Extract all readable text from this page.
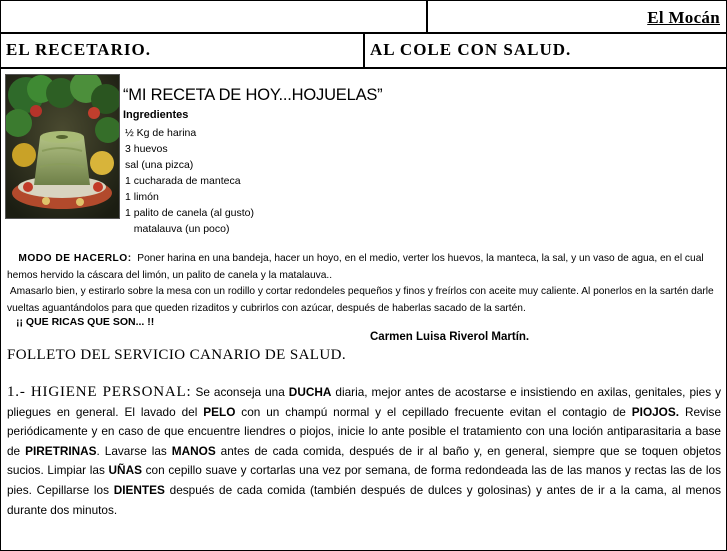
El Mocán
EL RECETARIO.	AL COLE CON SALUD.
“MI RECETA DE HOY...HOJUELAS”
Ingredientes
½ Kg de harina
3 huevos
sal (una pizca)
1 cucharada de manteca
1 limón
1 palito de canela (al gusto)
matalauva (un poco)

MODO DE HACERLO: Poner harina en una bandeja, hacer un hoyo, en el medio, verter los huevos, la manteca, la sal, y un vaso de agua, en el cual hemos hervido la cáscara del limón, un palito de canela y la matalauva..

Amasarlo bien, y estirarlo sobre la mesa con un rodillo y cortar redondeles pequeños y finos y freírlos con aceite muy caliente. Al ponerlos en la sartén darle vueltas aguantándolos para que queden rizaditos y cubrirlos con azúcar, después de haberlas sacado de la sartén.

¡¡ QUE RICAS QUE SON... !!
Carmen Luisa Riverol Martín.
FOLLETO DEL SERVICIO CANARIO DE SALUD.

1.- HIGIENE PERSONAL: Se aconseja una DUCHA diaria, mejor antes de acostarse e insistiendo en axilas, genitales, pies y pliegues en general. El lavado del PELO con un champú normal y el cepillado frecuente evitan el contagio de PIOJOS. Revise periódicamente y en caso de que encuentre liendres o piojos, inicie lo ante posible el tratamiento con una loción antiparasitaria a base de PIRETRINAS. Lavarse las MANOS antes de cada comida, después de ir al baño y, en general, siempre que se toquen objetos sucios. Limpiar las UÑAS con cepillo suave y cortarlas una vez por semana, de forma redondeada las de las manos y rectas las de los pies. Cepillarse los DIENTES después de cada comida (también después de dulces y golosinas) y antes de ir a la cama, al menos durante dos minutos.
